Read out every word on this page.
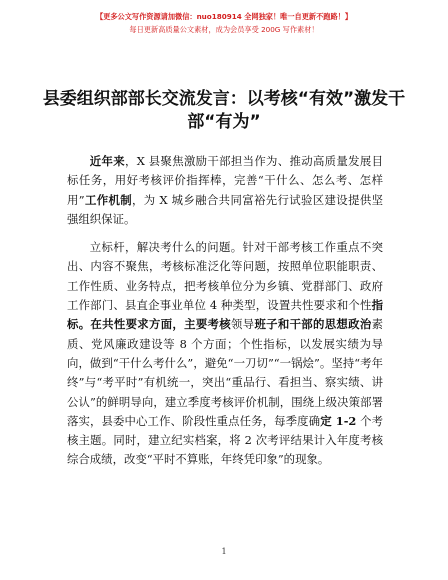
【更多公文写作资源请加微信：nuo180914 全网独家！唯一自更新不跑路！】
每日更新高质量公文素材，成为会员享受 200G 写作素材！
县委组织部部长交流发言：以考核“有效”激发干部“有为”

近年来，X 县聚焦激励干部担当作为、推动高质量发展目标任务，用好考核评价指挥棒，完善“干什么、怎么考、怎样用”工作机制，为 X 城乡融合共同富裕先行试验区建设提供坚强组织保证。

立标杆，解决考什么的问题。针对干部考核工作重点不突出、内容不聚焦，考核标准泛化等问题，按照单位职能职责、工作性质、业务特点，把考核单位分为乡镇、党群部门、政府工作部门、县直企事业单位 4 种类型，设置共性要求和个性指标。在共性要求方面，主要考核领导班子和干部的思想政治素质、党风廉政建设等 8 个方面；个性指标，以发展实绩为导向，做到“干什么考什么”，避免“一刀切”“一锅烩”。坚持“考年终”与“考平时”有机统一，突出“重品行、看担当、察实绩、讲公认”的鲜明导向，建立季度考核评价机制，围绕上级决策部署落实，县委中心工作、阶段性重点任务，每季度确定 1-2 个考核主题。同时，建立纪实档案，将 2 次考评结果计入年度考核综合成绩，改变“平时不算账，年终凭印象”的现象。

1
